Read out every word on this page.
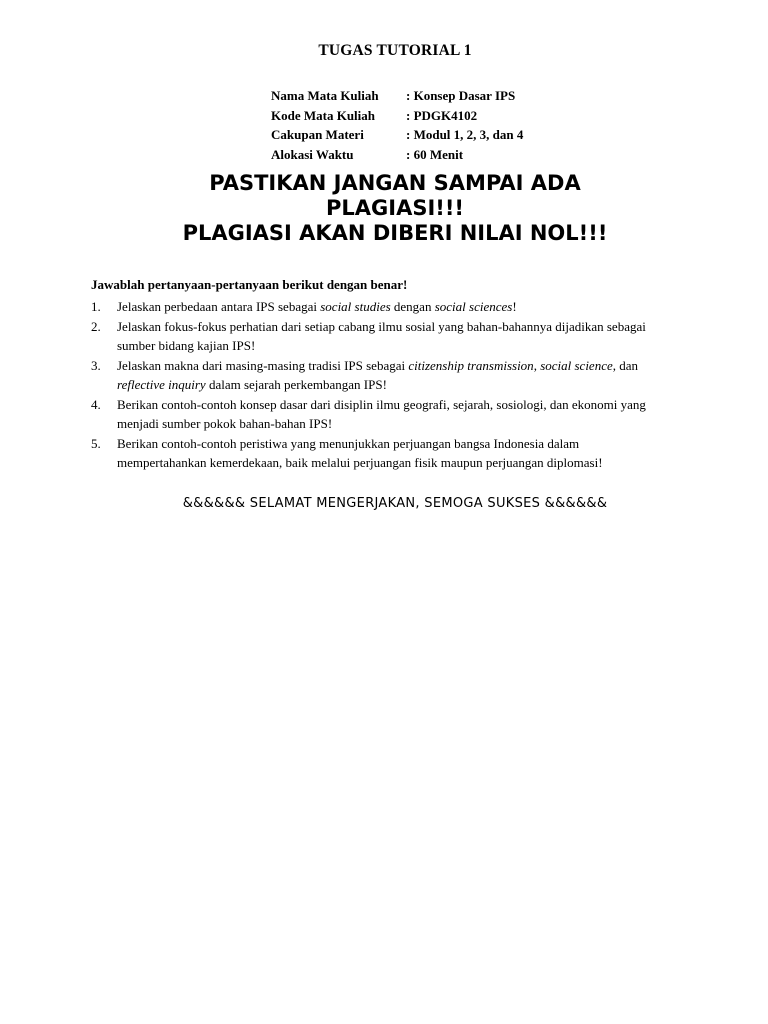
TUGAS TUTORIAL 1
Nama Mata Kuliah : Konsep Dasar IPS
Kode Mata Kuliah : PDGK4102
Cakupan Materi	: Modul 1, 2, 3, dan 4
Alokasi Waktu	: 60 Menit
PASTIKAN JANGAN SAMPAI ADA
PLAGIASI!!!
PLAGIASI AKAN DIBERI NILAI NOL!!!
Jawablah pertanyaan-pertanyaan berikut dengan benar!
1. Jelaskan perbedaan antara IPS sebagai social studies dengan social sciences!
2. Jelaskan fokus-fokus perhatian dari setiap cabang ilmu sosial yang bahan-bahannya dijadikan sebagai
sumber bidang kajian IPS!
3. Jelaskan makna dari masing-masing tradisi IPS sebagai citizenship transmission, social science, dan
reflective inquiry dalam sejarah perkembangan IPS!
4. Berikan contoh-contoh konsep dasar dari disiplin ilmu geografi, sejarah, sosiologi, dan ekonomi yang
menjadi sumber pokok bahan-bahan IPS!
5. Berikan contoh-contoh peristiwa yang menunjukkan perjuangan bangsa Indonesia dalam
mempertahankan kemerdekaan, baik melalui perjuangan fisik maupun perjuangan diplomasi!
&&&&&& SELAMAT MENGERJAKAN, SEMOGA SUKSES &&&&&&
